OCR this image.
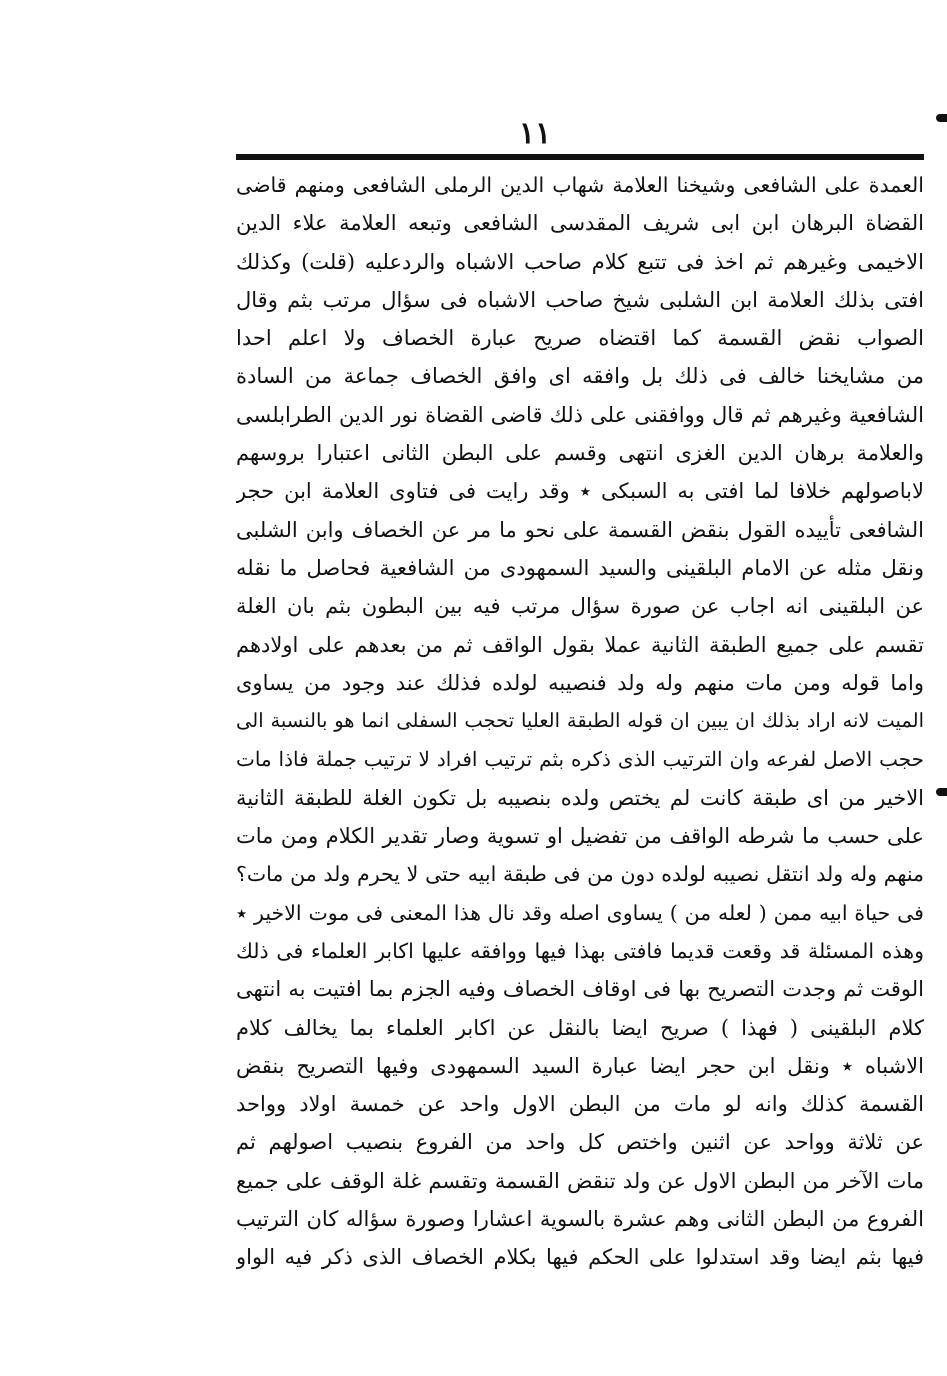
١١
العمدة على الشافعى وشيخنا العلامة شهاب الدين الرملى الشافعى ومنهم قاضى
القضاة البرهان ابن ابى شريف المقدسى الشافعى وتبعه العلامة علاء الدين
الاخيمى وغيرهم ثم اخذ فى تتبع كلام صاحب الاشباه والردعليه (قلت) وكذلك
افتى بذلك العلامة ابن الشلبى شيخ صاحب الاشباه فى سؤال مرتب بثم وقال
الصواب نقض القسمة كما اقتضاه صريح عبارة الخصاف ولا اعلم احدا
من مشايخنا خالف فى ذلك بل وافقه اى وافق الخصاف جماعة من السادة
الشافعية وغيرهم ثم قال ووافقنى على ذلك قاضى القضاة نور الدين الطرابلسى
والعلامة برهان الدين الغزى انتهى وقسم على البطن الثانى اعتبارا بروسهم
لاباصولهم خلافا لما افتى به السبكى ٭ وقد رايت فى فتاوى العلامة ابن حجر
الشافعى تأييده القول بنقض القسمة على نحو ما مر عن الخصاف وابن الشلبى
ونقل مثله عن الامام البلقينى والسيد السمهودى من الشافعية فحاصل ما نقله
عن البلقينى انه اجاب عن صورة سؤال مرتب فيه بين البطون بثم بان الغلة
تقسم على جميع الطبقة الثانية عملا بقول الواقف ثم من بعدهم على اولادهم
واما قوله ومن مات منهم وله ولد فنصيبه لولده فذلك عند وجود من يساوى
الميت لانه اراد بذلك ان يبين ان قوله الطبقة العليا تحجب السفلى انما هو بالنسبة الى
حجب الاصل لفرعه وان الترتيب الذى ذكره بثم ترتيب افراد لا ترتيب جملة فاذا مات
الاخير من اى طبقة كانت لم يختص ولده بنصيبه بل تكون الغلة للطبقة الثانية
على حسب ما شرطه الواقف من تفضيل او تسوية وصار تقدير الكلام ومن مات
منهم وله ولد انتقل نصيبه لولده دون من فى طبقة ابيه حتى لا يحرم ولد من مات؟
فى حياة ابيه ممن ( لعله من ) يساوى اصله وقد نال هذا المعنى فى موت الاخير ٭
وهذه المسئلة قد وقعت قديما فافتى بهذا فيها ووافقه عليها اكابر العلماء فى ذلك
الوقت ثم وجدت التصريح بها فى اوقاف الخصاف وفيه الجزم بما افتيت به انتهى
كلام البلقينى ( فهذا ) صريح ايضا بالنقل عن اكابر العلماء بما يخالف كلام
الاشباه ٭ ونقل ابن حجر ايضا عبارة السيد السمهودى وفيها التصريح بنقض
القسمة كذلك وانه لو مات من البطن الاول واحد عن خمسة اولاد وواحد
عن ثلاثة وواحد عن اثنين واختص كل واحد من الفروع بنصيب اصولهم ثم
مات الآخر من البطن الاول عن ولد تنقض القسمة وتقسم غلة الوقف على جميع
الفروع من البطن الثانى وهم عشرة بالسوية اعشارا وصورة سؤاله كان الترتيب
فيها بثم ايضا وقد استدلوا على الحكم فيها بكلام الخصاف الذى ذكر فيه الواو
